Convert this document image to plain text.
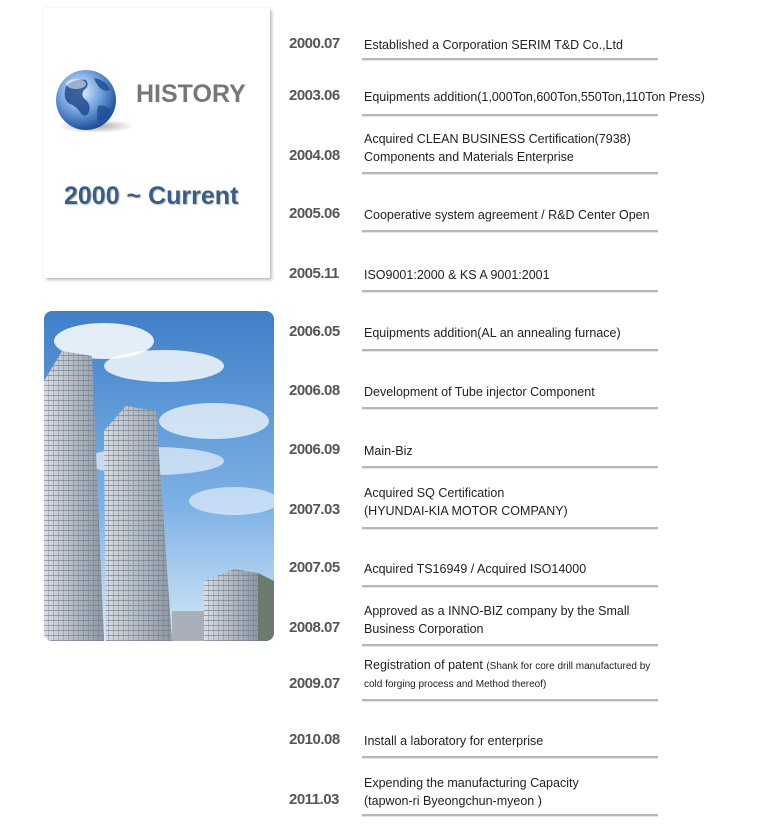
HISTORY
2000 ~ Current
2000.07	Established a Corporation SERIM T&D Co.,Ltd
2003.06	Equipments addition(1,000Ton,600Ton,550Ton,110Ton Press)
2004.08
Acquired CLEAN BUSINESS Certification(7938)
Components and Materials Enterprise
2005.06	Cooperative system agreement / R&D Center Open
2005.11	ISO9001:2000 & KS A 9001:2001
2006.05	Equipments addition(AL an annealing furnace)
2006.08	Development of Tube injector Component
2006.09	Main-Biz
2007.03
Acquired SQ Certification
(HYUNDAI-KIA MOTOR COMPANY)
2007.05	Acquired TS16949 / Acquired ISO14000
2008.07
Approved as a INNO-BIZ company by the Small
Business Corporation
2009.07
Registration of patent (Shank for core drill manufactured by
cold forging process and Method thereof)
2010.08	Install a laboratory for enterprise
2011.03
Expending the manufacturing Capacity
(tapwon-ri Byeongchun-myeon )
